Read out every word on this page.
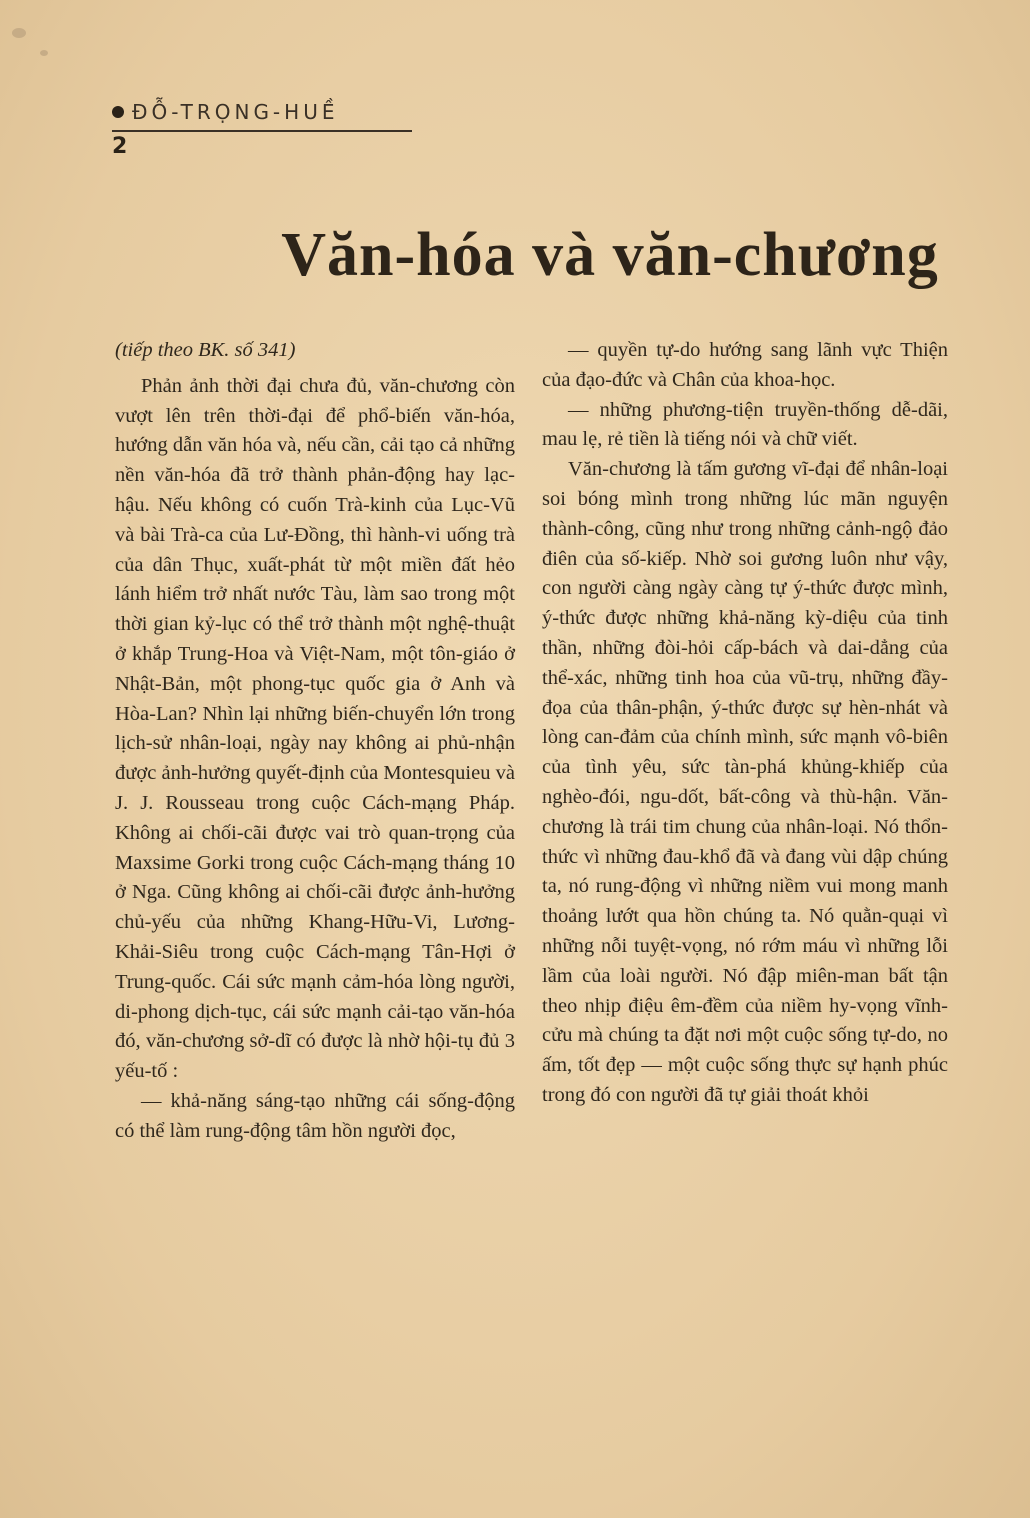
ĐỖ-TRỌNG-HUỀ
2
Văn-hóa và văn-chương

(tiếp theo BK. số 341)

Phản ảnh thời đại chưa đủ, văn-chương còn vượt lên trên thời-đại để phổ-biến văn-hóa, hướng dẫn văn hóa và, nếu cần, cải tạo cả những nền văn-hóa đã trở thành phản-động hay lạc-hậu. Nếu không có cuốn Trà-kinh của Lục-Vũ và bài Trà-ca của Lư-Đồng, thì hành-vi uống trà của dân Thục, xuất-phát từ một miền đất hẻo lánh hiểm trở nhất nước Tàu, làm sao trong một thời gian kỷ-lục có thể trở thành một nghệ-thuật ở khắp Trung-Hoa và Việt-Nam, một tôn-giáo ở Nhật-Bản, một phong-tục quốc gia ở Anh và Hòa-Lan? Nhìn lại những biến-chuyển lớn trong lịch-sử nhân-loại, ngày nay không ai phủ-nhận được ảnh-hưởng quyết-định của Montesquieu và J. J. Rousseau trong cuộc Cách-mạng Pháp. Không ai chối-cãi được vai trò quan-trọng của Maxsime Gorki trong cuộc Cách-mạng tháng 10 ở Nga. Cũng không ai chối-cãi được ảnh-hưởng chủ-yếu của những Khang-Hữu-Vi, Lương-Khải-Siêu trong cuộc Cách-mạng Tân-Hợi ở Trung-quốc. Cái sức mạnh cảm-hóa lòng người, di-phong dịch-tục, cái sức mạnh cải-tạo văn-hóa đó, văn-chương sở-dĩ có được là nhờ hội-tụ đủ 3 yếu-tố :

— khả-năng sáng-tạo những cái sống-động có thể làm rung-động tâm hồn người đọc,

— quyền tự-do hướng sang lãnh vực Thiện của đạo-đức và Chân của khoa-học.

— những phương-tiện truyền-thống dễ-dãi, mau lẹ, rẻ tiền là tiếng nói và chữ viết.

Văn-chương là tấm gương vĩ-đại để nhân-loại soi bóng mình trong những lúc mãn nguyện thành-công, cũng như trong những cảnh-ngộ đảo điên của số-kiếp. Nhờ soi gương luôn như vậy, con người càng ngày càng tự ý-thức được mình, ý-thức được những khả-năng kỳ-diệu của tinh thần, những đòi-hỏi cấp-bách và dai-dẳng của thể-xác, những tinh hoa của vũ-trụ, những đầy-đọa của thân-phận, ý-thức được sự hèn-nhát và lòng can-đảm của chính mình, sức mạnh vô-biên của tình yêu, sức tàn-phá khủng-khiếp của nghèo-đói, ngu-dốt, bất-công và thù-hận. Văn-chương là trái tim chung của nhân-loại. Nó thổn-thức vì những đau-khổ đã và đang vùi dập chúng ta, nó rung-động vì những niềm vui mong manh thoảng lướt qua hồn chúng ta. Nó quằn-quại vì những nỗi tuyệt-vọng, nó rớm máu vì những lỗi lầm của loài người. Nó đập miên-man bất tận theo nhịp điệu êm-đềm của niềm hy-vọng vĩnh-cửu mà chúng ta đặt nơi một cuộc sống tự-do, no ấm, tốt đẹp — một cuộc sống thực sự hạnh phúc trong đó con người đã tự giải thoát khỏi
